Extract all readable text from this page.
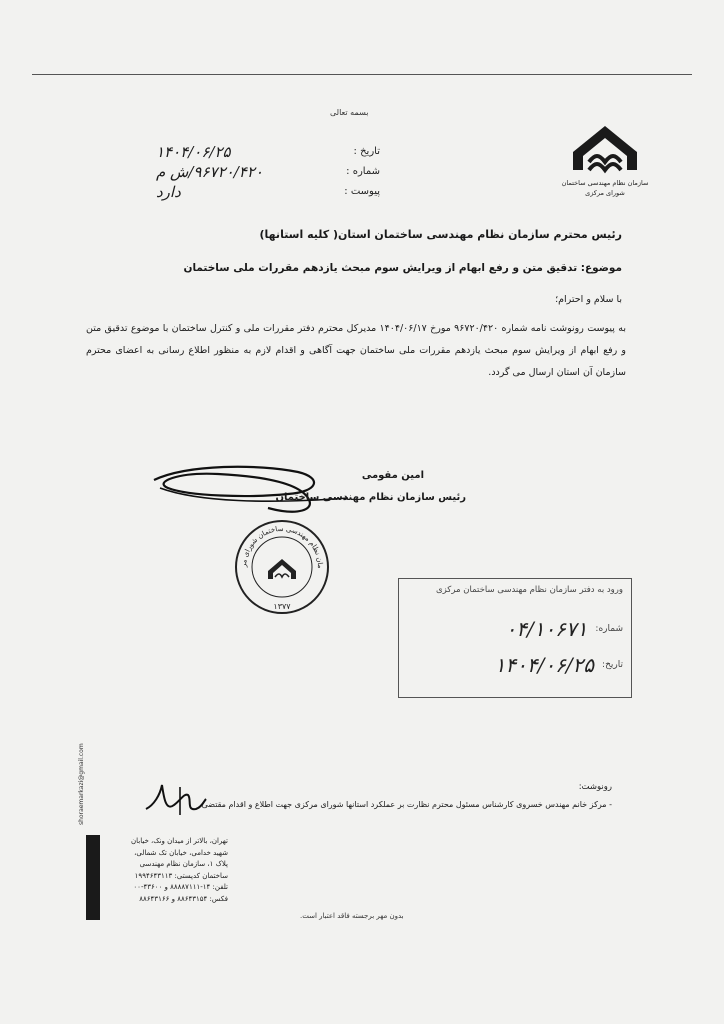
بسمه تعالی
سازمان نظام مهندسی ساختمان
شورای مرکزی
۱۴۰۴/۰۶/۲۵	تاریخ :
۹۶۷۲۰/۴۲۰/ش م	شماره :
دارد	پیوست :
رئیس محترم سازمان نظام مهندسی ساختمان استان( کلیه استانها)
موضوع: تدقیق متن و رفع ابهام از ویرایش سوم مبحث یازدهم مقررات ملی ساختمان
با سلام و احترام؛
به پیوست رونوشت نامه شماره ۹۶۷۲۰/۴۲۰ مورخ ۱۴۰۴/۰۶/۱۷ مدیرکل محترم دفتر مقررات ملی و کنترل ساختمان با موضوع تدقیق متن و رفع ابهام از ویرایش سوم مبحث یازدهم مقررات ملی ساختمان جهت آگاهی و اقدام لازم به منظور اطلاع رسانی به اعضای محترم سازمان آن استان ارسال می گردد.
امین مقومی
رئیس سازمان نظام مهندسی ساختمان
مان نظام مهندسی ساختمان شورای مر
۱۳۷۷
ورود به دفتر سازمان نظام مهندسی ساختمان مرکزی
۰۴/۱۰۶۷۱ شماره:
۱۴۰۴/۰۶/۲۵ تاریخ:
رونوشت:
- مرکز خانم مهندس خسروی کارشناس مسئول محترم نظارت بر عملکرد استانها شورای مرکزی جهت اطلاع و اقدام مقتضی
shoraemarkazi@gmail.com
تهران، بالاتر از میدان ونک، خیابان
شهید خدامی، خیابان تک شمالی،
پلاک ۱، سازمان نظام مهندسی
ساختمان کدپستی: ۱۹۹۴۶۴۳۱۱۳
تلفن: ۱۴-۸۸۸۸۷۱۱۱ و ۴۳۶۰۰-۰۰
فکس: ۸۸۶۴۳۱۵۴ و ۸۸۶۴۳۱۶۶
بدون مهر برجسته فاقد اعتبار است.
